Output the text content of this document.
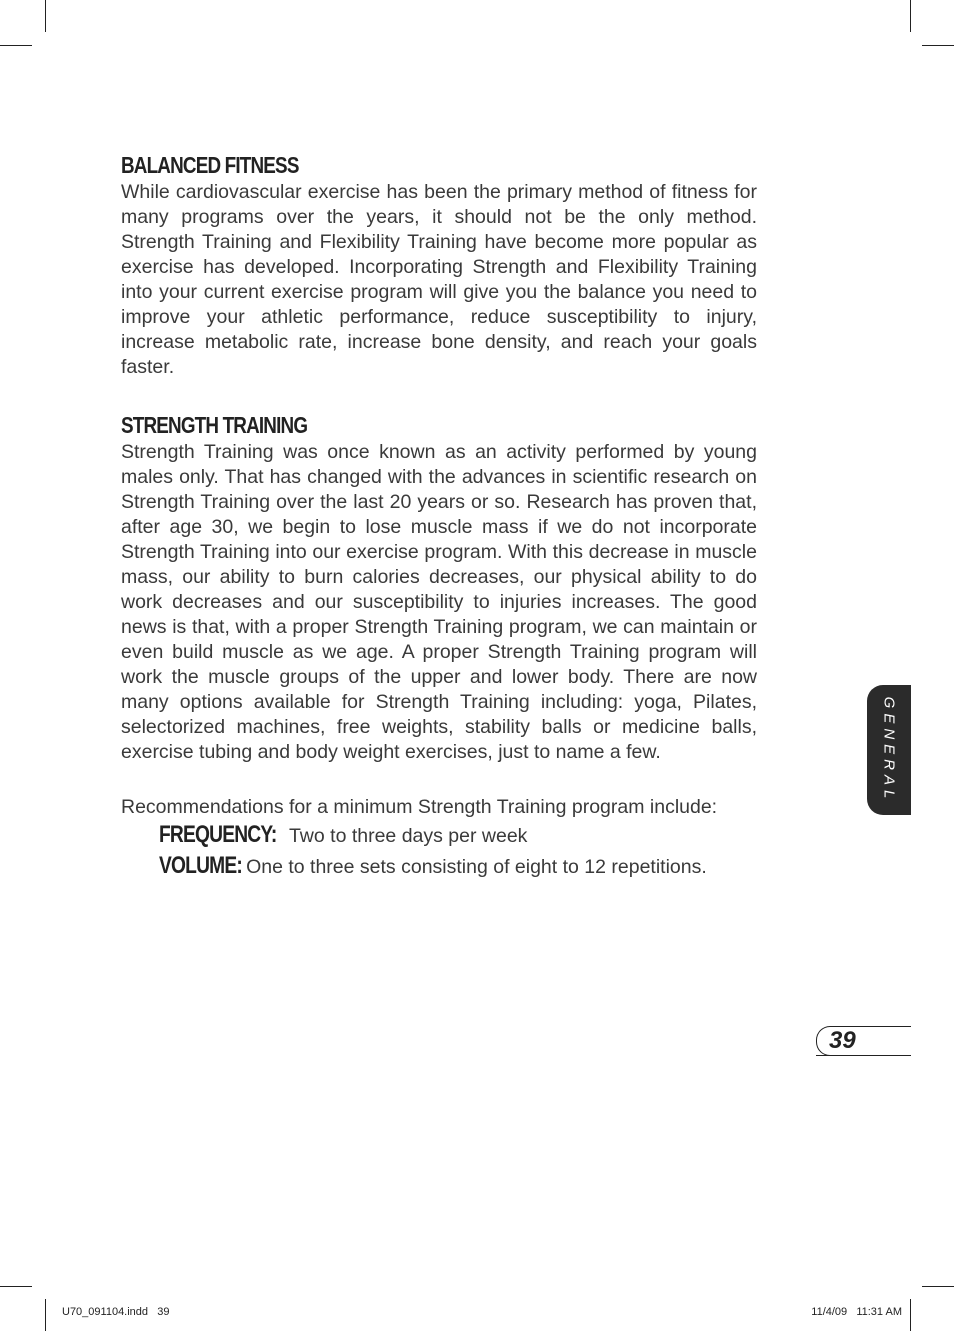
BALANCED FITNESS

While cardiovascular exercise has been the primary method of fitness for many programs over the years, it should not be the only method. Strength Training and Flexibility Training have become more popular as exercise has developed. Incorporating Strength and Flexibility Training into your current exercise program will give you the balance you need to improve your athletic performance, reduce susceptibility to injury, increase metabolic rate, increase bone density, and reach your goals faster.

STRENGTH TRAINING

Strength Training was once known as an activity performed by young males only. That has changed with the advances in scientific research on Strength Training over the last 20 years or so. Research has proven that, after age 30, we begin to lose muscle mass if we do not incorporate Strength Training into our exercise program. With this decrease in muscle mass, our ability to burn calories decreases, our physical ability to do work decreases and our susceptibility to injuries increases. The good news is that, with a proper Strength Training program, we can maintain or even build muscle as we age. A proper Strength Training program will work the muscle groups of the upper and lower body. There are now many options available for Strength Training including: yoga, Pilates, selectorized machines, free weights, stability balls or medicine balls, exercise tubing and body weight exercises, just to name a few.

Recommendations for a minimum Strength Training program include:

FREQUENCY: Two to three days per week

VOLUME: One to three sets consisting of eight to 12 repetitions.

GENERAL
39
U70_091104.indd   39	11/4/09   11:31 AM
